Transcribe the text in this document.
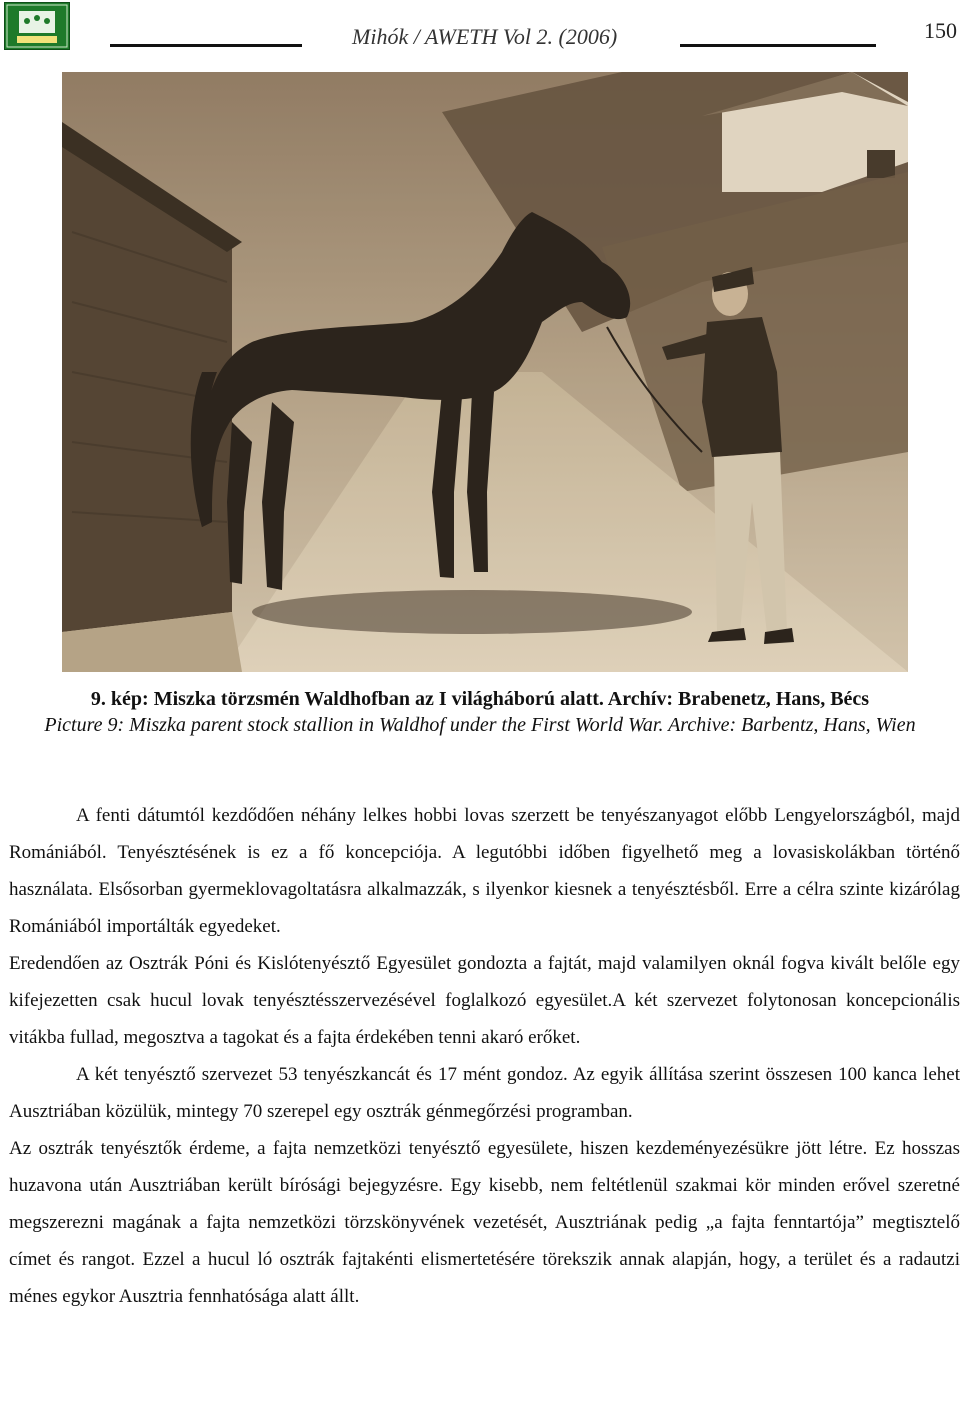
Mihók / AWETH Vol 2. (2006)	150
9. kép: Miszka törzsmén Waldhofban az I világháború alatt. Archív: Brabenetz, Hans, Bécs
Picture 9: Miszka parent stock stallion in Waldhof under the First World War. Archive: Barbentz, Hans, Wien

A fenti dátumtól kezdődően néhány lelkes hobbi lovas szerzett be tenyészanyagot előbb Lengyelországból, majd Romániából. Tenyésztésének is ez a fő koncepciója. A legutóbbi időben figyelhető meg a lovasiskolákban történő használata. Elsősorban gyermeklovagoltatásra alkalmazzák, s ilyenkor kiesnek a tenyésztésből. Erre a célra szinte kizárólag Romániából importálták egyedeket.

Eredendően az Osztrák Póni és Kislótenyésztő Egyesület gondozta a fajtát, majd valamilyen oknál fogva kivált belőle egy kifejezetten csak hucul lovak tenyésztésszervezésével foglalkozó egyesület.A két szervezet folytonosan koncepcionális vitákba fullad, megosztva a tagokat és a fajta érdekében tenni akaró erőket.

A két tenyésztő szervezet 53 tenyészkancát és 17 mént gondoz. Az egyik állítása szerint összesen 100 kanca lehet Ausztriában közülük, mintegy 70 szerepel egy osztrák génmegőrzési programban.

Az osztrák tenyésztők érdeme, a fajta nemzetközi tenyésztő egyesülete, hiszen kezdeményezésükre jött létre. Ez hosszas huzavona után Ausztriában került bírósági bejegyzésre. Egy kisebb, nem feltétlenül szakmai kör minden erővel szeretné megszerezni magának a fajta nemzetközi törzskönyvének vezetését, Ausztriának pedig „a fajta fenntartója” megtisztelő címet és rangot. Ezzel a hucul ló osztrák fajtakénti elismertetésére törekszik annak alapján, hogy, a terület és a radautzi ménes egykor Ausztria fennhatósága alatt állt.
